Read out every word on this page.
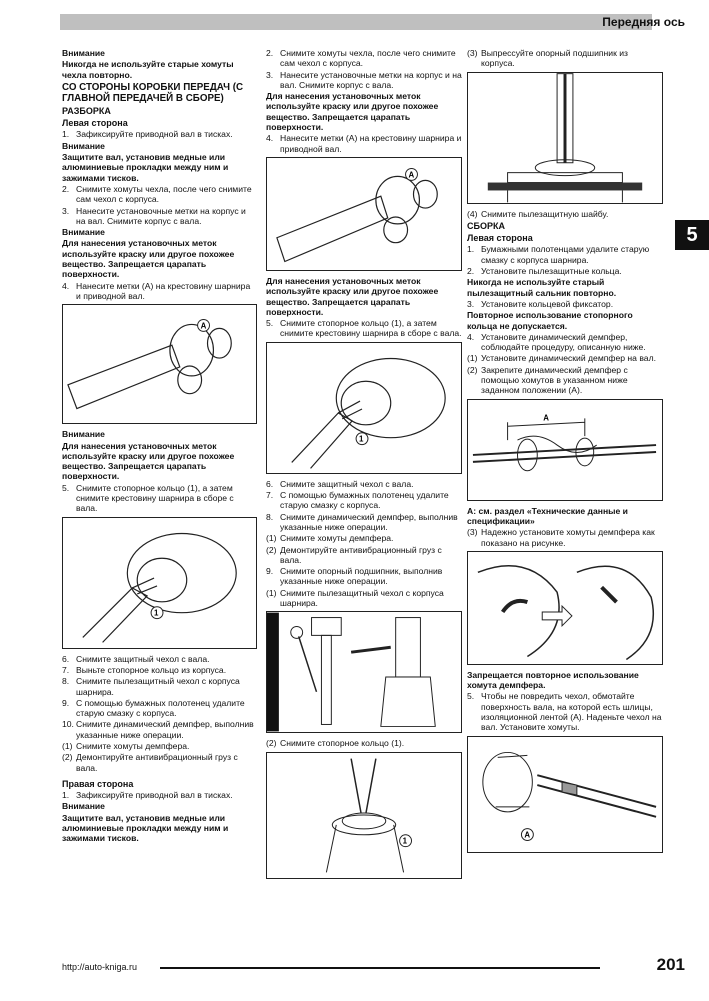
Передняя ось
5
Внимание
Никогда не используйте старые хомуты чехла повторно.
СО СТОРОНЫ КОРОБКИ ПЕРЕДАЧ (С ГЛАВНОЙ ПЕРЕДАЧЕЙ В СБОРЕ)
РАЗБОРКА
Левая сторона
1. Зафиксируйте приводной вал в тисках.
Внимание
Защитите вал, установив медные или алюминиевые прокладки между ним и зажимами тисков.
2. Снимите хомуты чехла, после чего снимите сам чехол с корпуса.
3. Нанесите установочные метки на корпус и на вал. Снимите корпус с вала.
Внимание
Для нанесения установочных меток используйте краску или другое похожее вещество. Запрещается царапать поверхности.
4. Нанесите метки (А) на крестовину шарнира и приводной вал.
A
Внимание
Для нанесения установочных меток используйте краску или другое похожее вещество. Запрещается царапать поверхности.
5. Снимите стопорное кольцо (1), а затем снимите крестовину шарнира в сборе с вала.
1
6. Снимите защитный чехол с вала.
7. Выньте стопорное кольцо из корпуса.
8. Снимите пылезащитный чехол с корпуса шарнира.
9. С помощью бумажных полотенец удалите старую смазку с корпуса.
10. Снимите динамический демпфер, выполнив указанные ниже операции.
(1) Снимите хомуты демпфера.
(2) Демонтируйте антивибрационный груз с вала.
Правая сторона
1. Зафиксируйте приводной вал в тисках.
Внимание
Защитите вал, установив медные или алюминиевые прокладки между ним и зажимами тисков.
2. Снимите хомуты чехла, после чего снимите сам чехол с корпуса.
3. Нанесите установочные метки на корпус и на вал. Снимите корпус с вала.
Для нанесения установочных меток используйте краску или другое похожее вещество. Запрещается царапать поверхности.
4. Нанесите метки (А) на крестовину шарнира и приводной вал.
A
Для нанесения установочных меток используйте краску или другое похожее вещество. Запрещается царапать поверхности.
5. Снимите стопорное кольцо (1), а затем снимите крестовину шарнира в сборе с вала.
1
6. Снимите защитный чехол с вала.
7. С помощью бумажных полотенец удалите старую смазку с корпуса.
8. Снимите динамический демпфер, выполнив указанные ниже операции.
(1) Снимите хомуты демпфера.
(2) Демонтируйте антивибрационный груз с вала.
9. Снимите опорный подшипник, выполнив указанные ниже операции.
(1) Снимите пылезащитный чехол с корпуса шарнира.
(2) Снимите стопорное кольцо (1).
1
(3) Выпрессуйте опорный подшипник из корпуса.
(4) Снимите пылезащитную шайбу.
СБОРКА
Левая сторона
1. Бумажными полотенцами удалите старую смазку с корпуса шарнира.
2. Установите пылезащитные кольца.
Никогда не используйте старый пылезащитный сальник повторно.
3. Установите кольцевой фиксатор.
Повторное использование стопорного кольца не допускается.
4. Установите динамический демпфер, соблюдайте процедуру, описанную ниже.
(1) Установите динамический демпфер на вал.
(2) Закрепите динамический демпфер с помощью хомутов в указанном ниже заданном положении (А).
A
А: см. раздел «Технические данные и спецификации»
(3) Надежно установите хомуты демпфера как показано на рисунке.
Запрещается повторное использование хомута демпфера.
5. Чтобы не повредить чехол, обмотайте поверхность вала, на которой есть шлицы, изоляционной лентой (А). Наденьте чехол на вал. Установите хомуты.
A
http://auto-kniga.ru	201
